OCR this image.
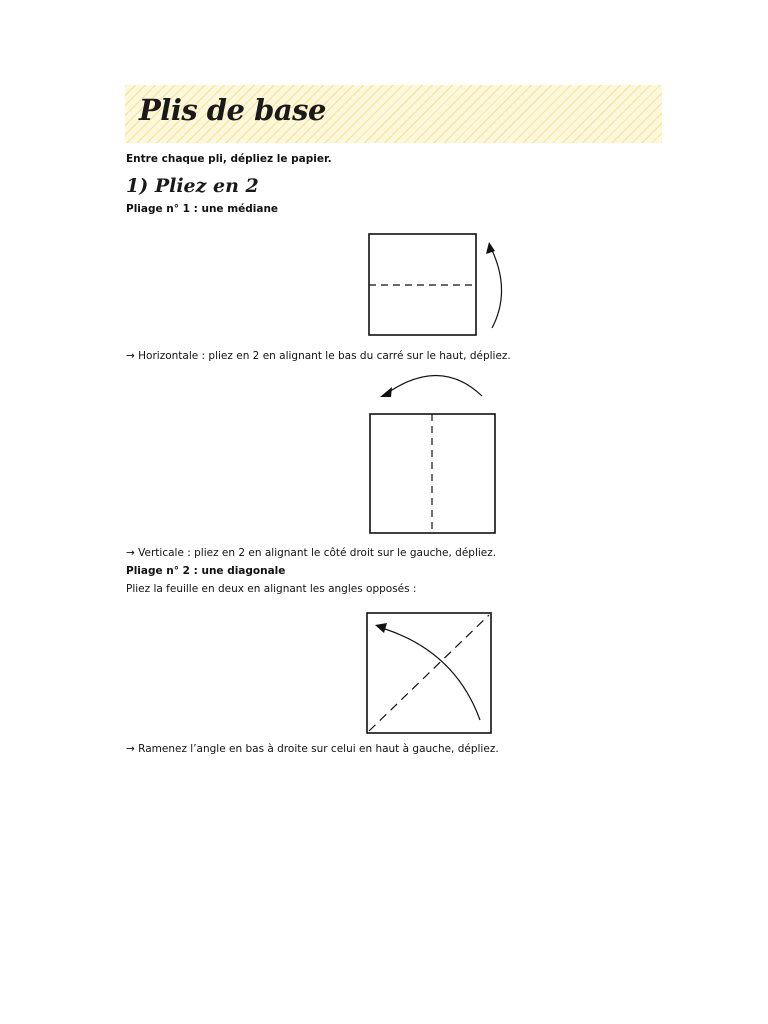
Plis de base
Entre chaque pli, dépliez le papier.
1) Pliez en 2
Pliage n° 1 : une médiane
→ Horizontale : pliez en 2 en alignant le bas du carré sur le haut, dépliez.
→ Verticale : pliez en 2 en alignant le côté droit sur le gauche, dépliez.
Pliage n° 2 : une diagonale
Pliez la feuille en deux en alignant les angles opposés :
→ Ramenez l’angle en bas à droite sur celui en haut à gauche, dépliez.
